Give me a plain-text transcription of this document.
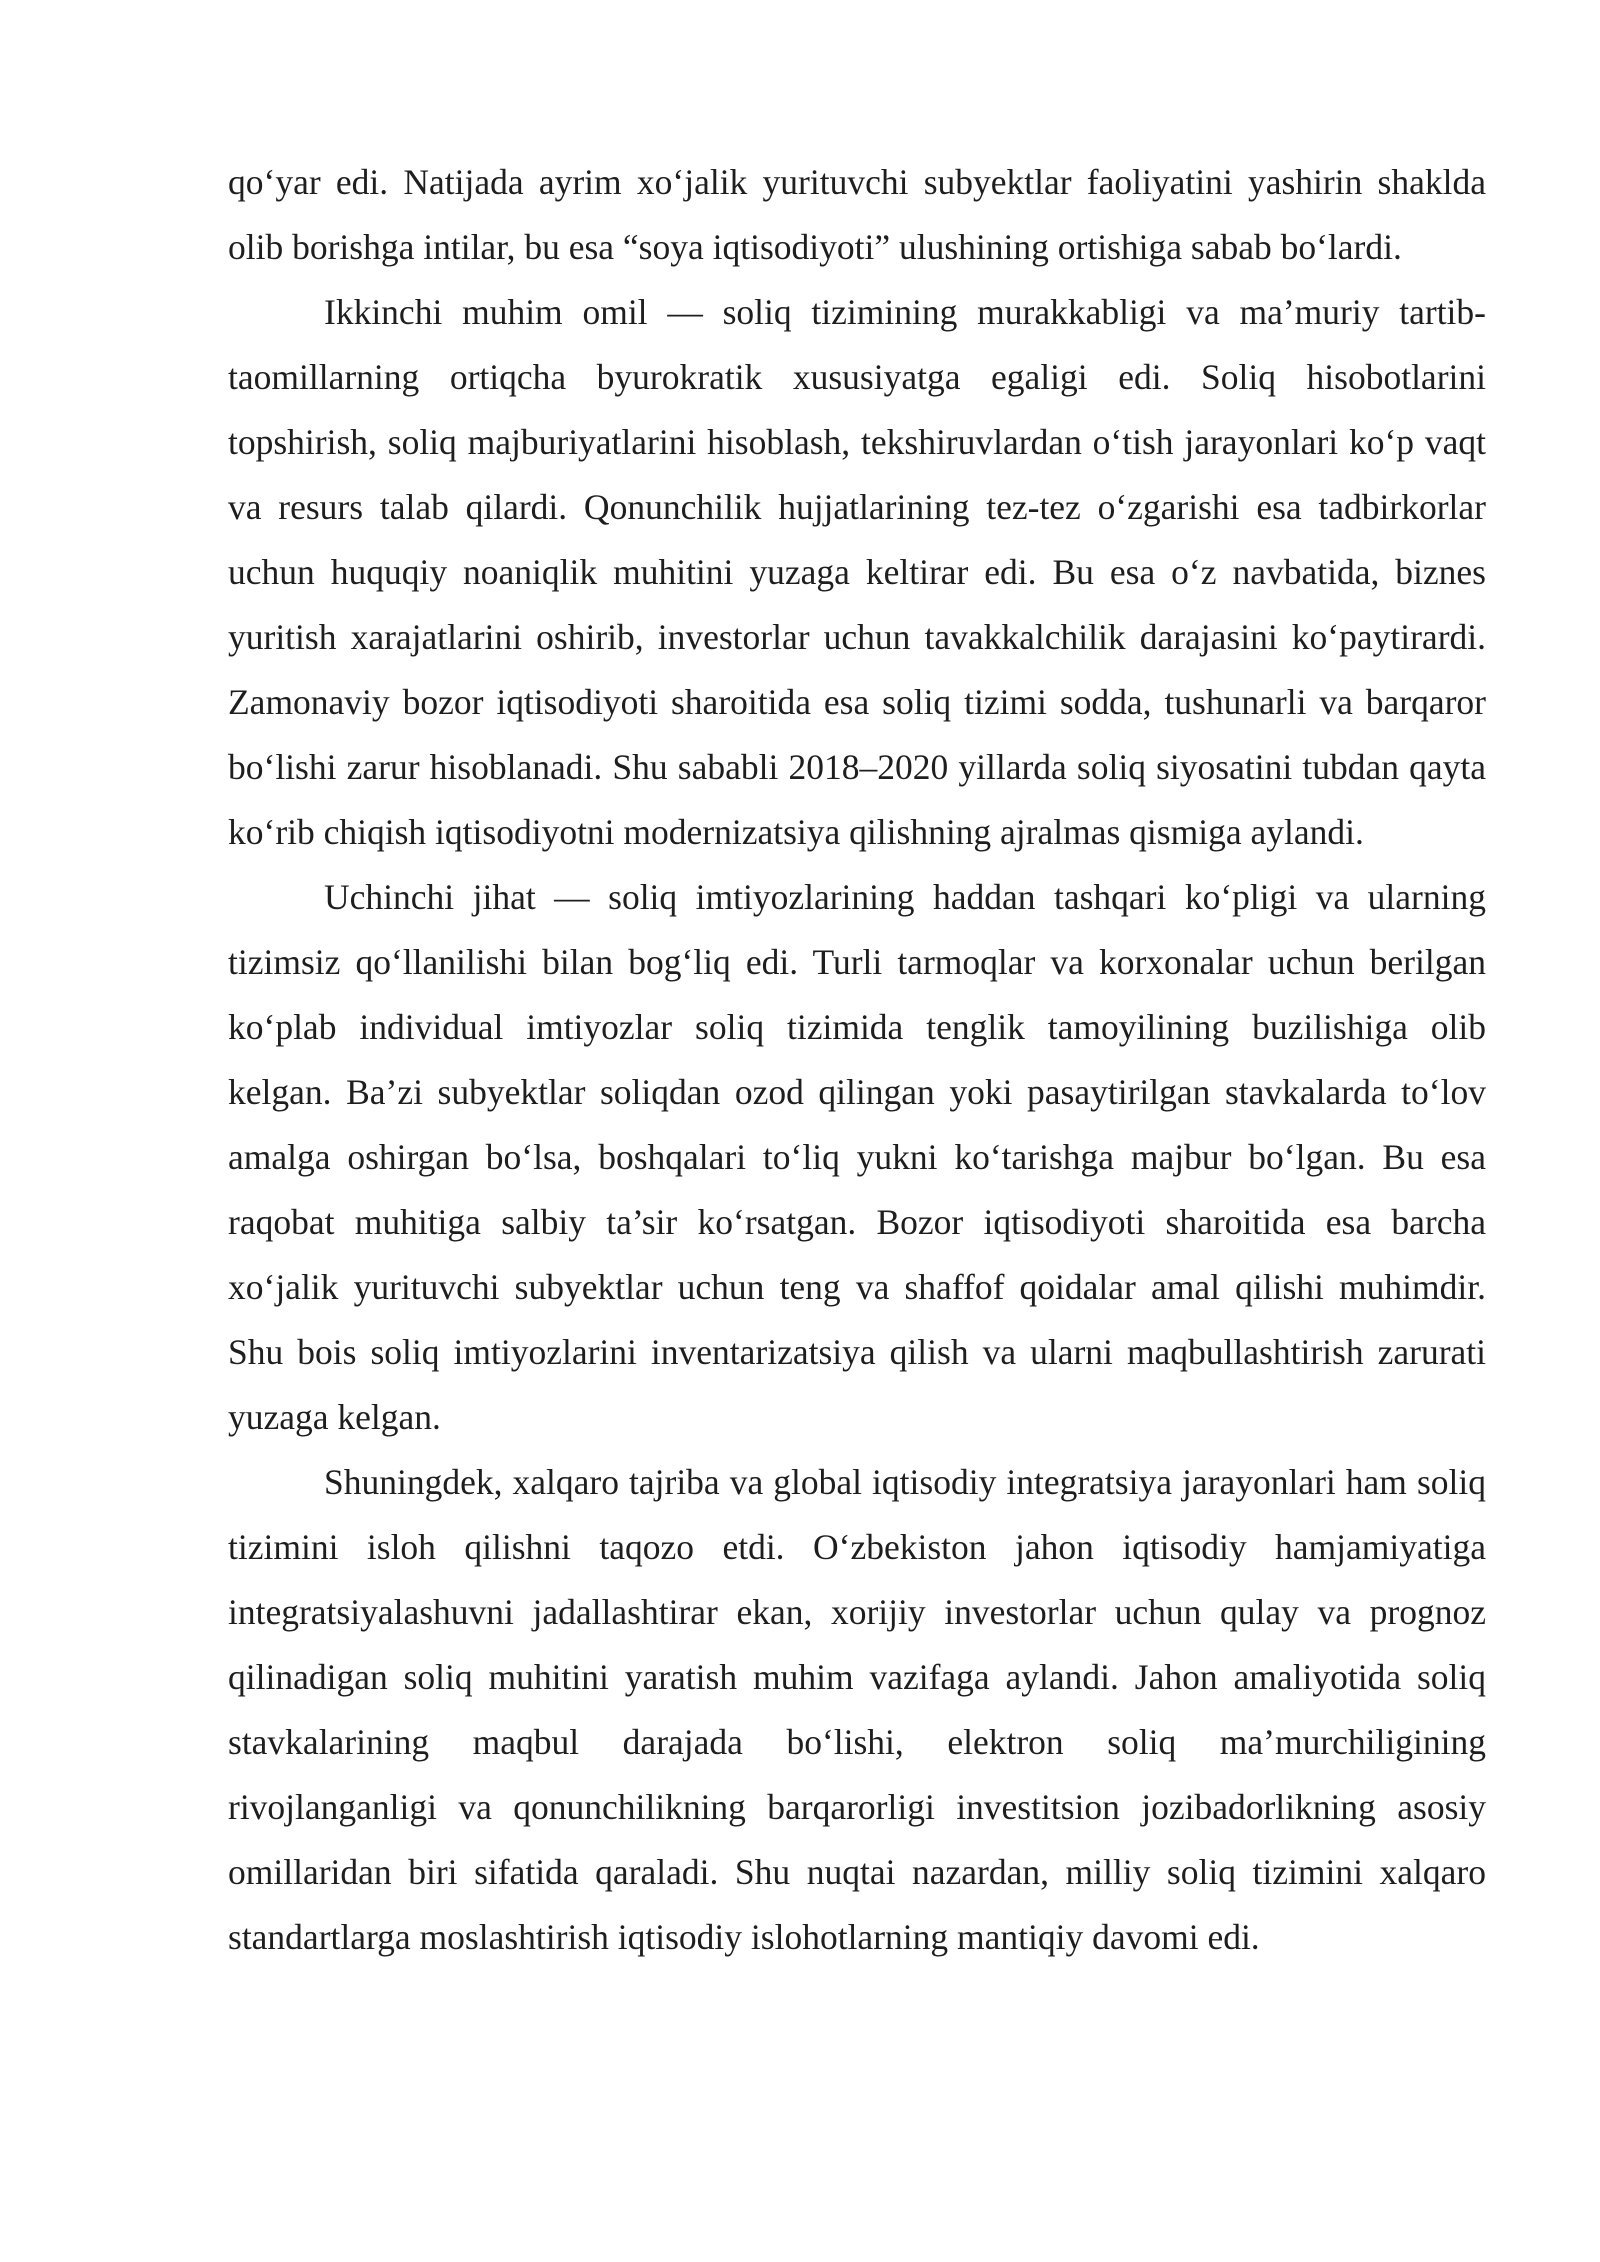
qo‘yar edi. Natijada ayrim xo‘jalik yurituvchi subyektlar faoliyatini yashirin shaklda olib borishga intilar, bu esa “soya iqtisodiyoti” ulushining ortishiga sabab bo‘lardi.

Ikkinchi muhim omil — soliq tizimining murakkabligi va ma’muriy tartib-taomillarning ortiqcha byurokratik xususiyatga egaligi edi. Soliq hisobotlarini topshirish, soliq majburiyatlarini hisoblash, tekshiruvlardan o‘tish jarayonlari ko‘p vaqt va resurs talab qilardi. Qonunchilik hujjatlarining tez-tez o‘zgarishi esa tadbirkorlar uchun huquqiy noaniqlik muhitini yuzaga keltirar edi. Bu esa o‘z navbatida, biznes yuritish xarajatlarini oshirib, investorlar uchun tavakkalchilik darajasini ko‘paytirardi. Zamonaviy bozor iqtisodiyoti sharoitida esa soliq tizimi sodda, tushunarli va barqaror bo‘lishi zarur hisoblanadi. Shu sababli 2018–2020 yillarda soliq siyosatini tubdan qayta ko‘rib chiqish iqtisodiyotni modernizatsiya qilishning ajralmas qismiga aylandi.

Uchinchi jihat — soliq imtiyozlarining haddan tashqari ko‘pligi va ularning tizimsiz qo‘llanilishi bilan bog‘liq edi. Turli tarmoqlar va korxonalar uchun berilgan ko‘plab individual imtiyozlar soliq tizimida tenglik tamoyilining buzilishiga olib kelgan. Ba’zi subyektlar soliqdan ozod qilingan yoki pasaytirilgan stavkalarda to‘lov amalga oshirgan bo‘lsa, boshqalari to‘liq yukni ko‘tarishga majbur bo‘lgan. Bu esa raqobat muhitiga salbiy ta’sir ko‘rsatgan. Bozor iqtisodiyoti sharoitida esa barcha xo‘jalik yurituvchi subyektlar uchun teng va shaffof qoidalar amal qilishi muhimdir. Shu bois soliq imtiyozlarini inventarizatsiya qilish va ularni maqbullashtirish zarurati yuzaga kelgan.

Shuningdek, xalqaro tajriba va global iqtisodiy integratsiya jarayonlari ham soliq tizimini isloh qilishni taqozo etdi. O‘zbekiston jahon iqtisodiy hamjamiyatiga integratsiyalashuvni jadallashtirar ekan, xorijiy investorlar uchun qulay va prognoz qilinadigan soliq muhitini yaratish muhim vazifaga aylandi. Jahon amaliyotida soliq stavkalarining maqbul darajada bo‘lishi, elektron soliq ma’murchiligining rivojlanganligi va qonunchilikning barqarorligi investitsion jozibadorlikning asosiy omillaridan biri sifatida qaraladi. Shu nuqtai nazardan, milliy soliq tizimini xalqaro standartlarga moslashtirish iqtisodiy islohotlarning mantiqiy davomi edi.
